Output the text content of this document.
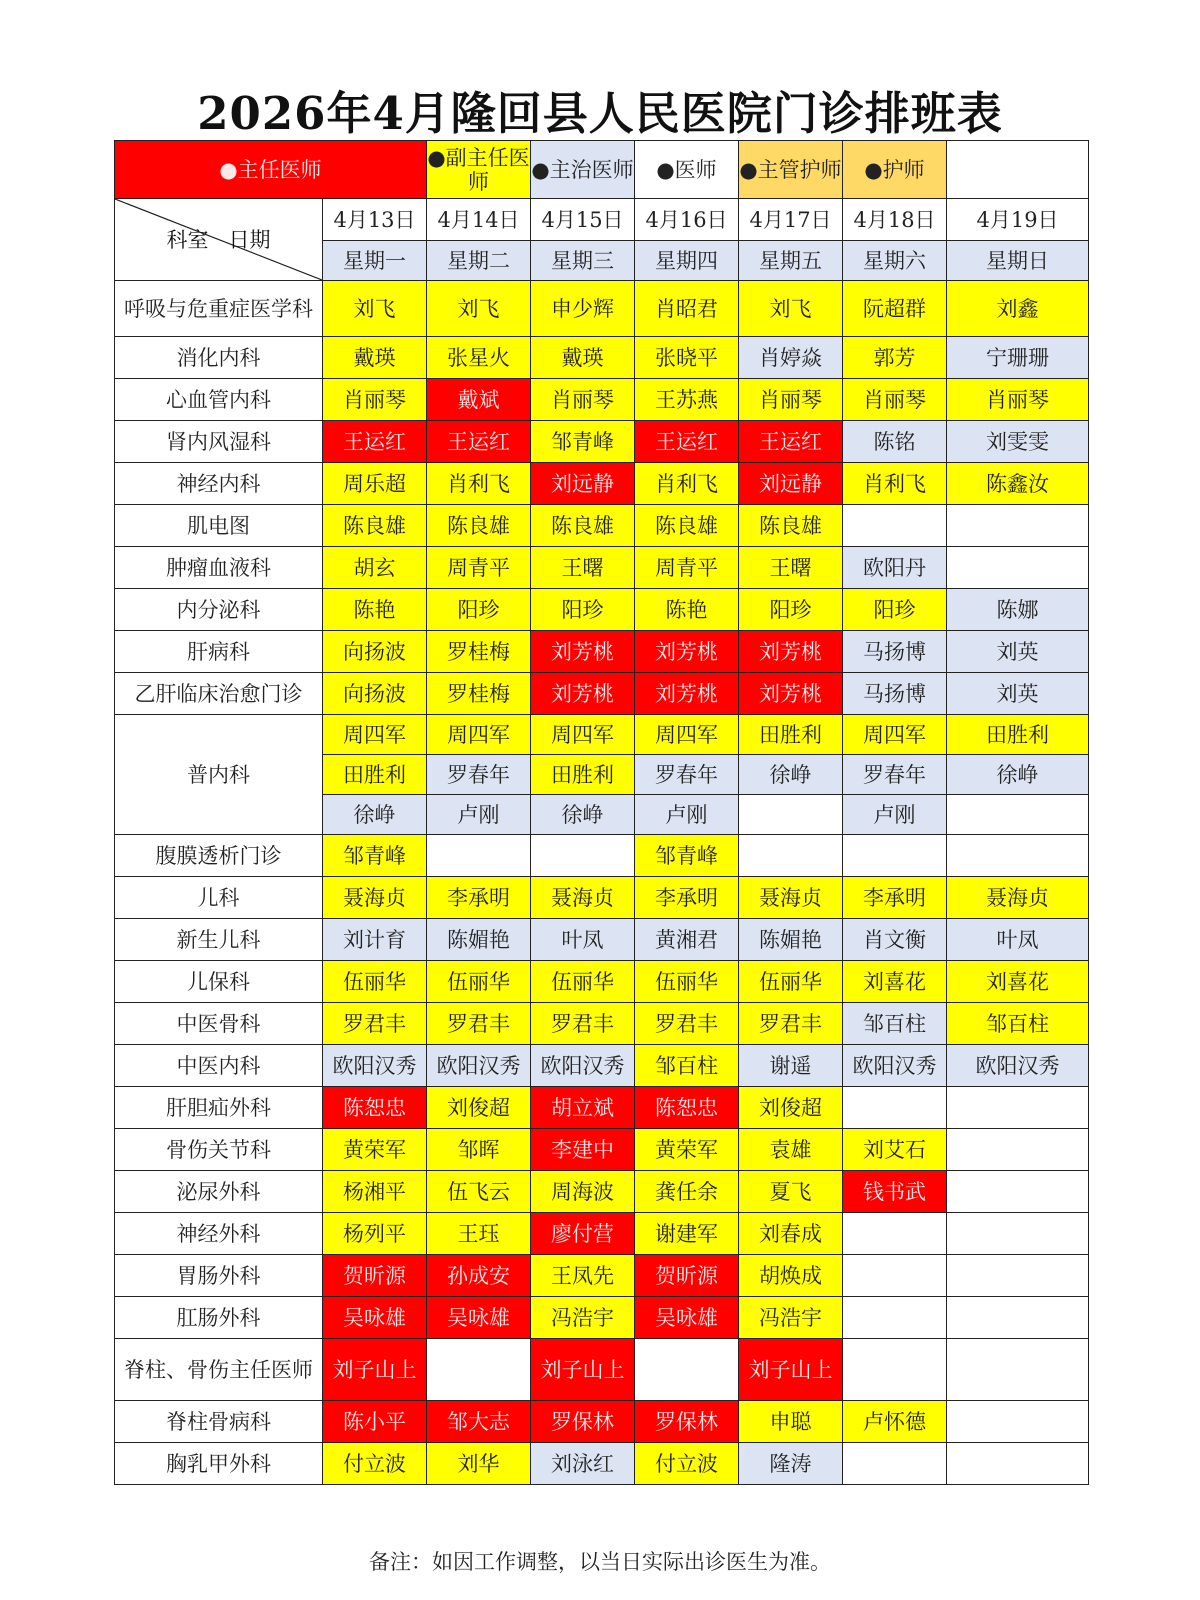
2026年4月隆回县人民医院门诊排班表
●主任医师		●副主任医师	●主治医师	●医师	●主管护师	●护师	

科室 日期	4月13日	4月14日	4月15日	4月16日	4月17日	4月18日	4月19日
	星期一	星期二	星期三	星期四	星期五	星期六	星期日
呼吸与危重症医学科	刘飞	刘飞	申少辉	肖昭君	刘飞	阮超群	刘鑫
消化内科	戴瑛	张星火	戴瑛	张晓平	肖婷焱	郭芳	宁珊珊
心血管内科	肖丽琴	戴斌	肖丽琴	王苏燕	肖丽琴	肖丽琴	肖丽琴
肾内风湿科	王运红	王运红	邹青峰	王运红	王运红	陈铭	刘雯雯
神经内科	周乐超	肖利飞	刘远静	肖利飞	刘远静	肖利飞	陈鑫汝
肌电图	陈良雄	陈良雄	陈良雄	陈良雄	陈良雄		
肿瘤血液科	胡玄	周青平	王曙	周青平	王曙	欧阳丹	
内分泌科	陈艳	阳珍	阳珍	陈艳	阳珍	阳珍	陈娜
肝病科	向扬波	罗桂梅	刘芳桃	刘芳桃	刘芳桃	马扬博	刘英
乙肝临床治愈门诊	向扬波	罗桂梅	刘芳桃	刘芳桃	刘芳桃	马扬博	刘英
普内科	周四军	周四军	周四军	周四军	田胜利	周四军	田胜利
	田胜利	罗春年	田胜利	罗春年	徐峥	罗春年	徐峥
	徐峥	卢刚	徐峥	卢刚		卢刚	
腹膜透析门诊	邹青峰			邹青峰			
儿科	聂海贞	李承明	聂海贞	李承明	聂海贞	李承明	聂海贞
新生儿科	刘计育	陈媚艳	叶凤	黄湘君	陈媚艳	肖文衡	叶凤
儿保科	伍丽华	伍丽华	伍丽华	伍丽华	伍丽华	刘喜花	刘喜花
中医骨科	罗君丰	罗君丰	罗君丰	罗君丰	罗君丰	邹百柱	邹百柱
中医内科	欧阳汉秀	欧阳汉秀	欧阳汉秀	邹百柱	谢遥	欧阳汉秀	欧阳汉秀
肝胆疝外科	陈恕忠	刘俊超	胡立斌	陈恕忠	刘俊超		
骨伤关节科	黄荣军	邹晖	李建中	黄荣军	袁雄	刘艾石	
泌尿外科	杨湘平	伍飞云	周海波	龚任余	夏飞	钱书武	
神经外科	杨列平	王珏	廖付营	谢建军	刘春成		
胃肠外科	贺昕源	孙成安	王凤先	贺昕源	胡焕成		
肛肠外科	吴咏雄	吴咏雄	冯浩宇	吴咏雄	冯浩宇		
脊柱、骨伤主任医师	刘子山上		刘子山上		刘子山上		
脊柱骨病科	陈小平	邹大志	罗保林	罗保林	申聪	卢怀德	
胸乳甲外科	付立波	刘华	刘泳红	付立波	隆涛		
备注：如因工作调整，以当日实际出诊医生为准。
